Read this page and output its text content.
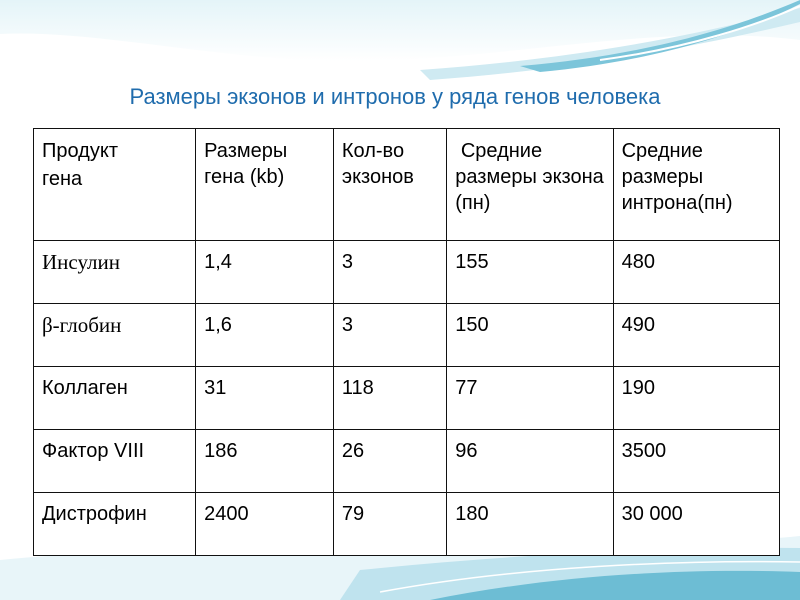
Размеры экзонов и интронов у ряда генов человека
Продукт
гена	Размеры гена (kb)	Кол-во экзонов	Средние размеры экзона  (пн)	Средние размеры интрона(пн)
Инсулин	1,4	3	155	480
β-глобин	1,6	3	150	490
Коллаген	31	118	77	190
Фактор VIII	186	26	96	3500
Дистрофин	2400	79	180	30 000
